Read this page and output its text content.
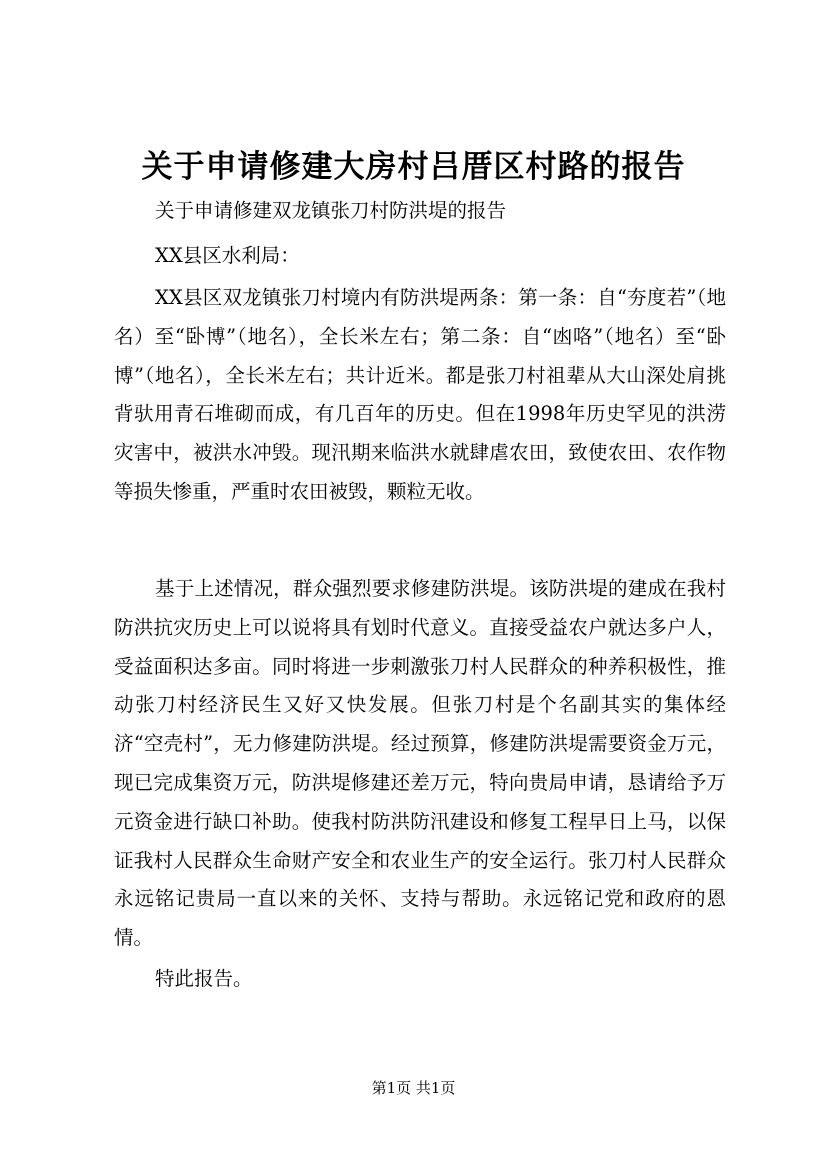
关于申请修建大房村吕厝区村路的报告

关于申请修建双龙镇张刀村防洪堤的报告

XX县区水利局：

XX县区双龙镇张刀村境内有防洪堤两条：第一条：自“夯度若”（地名）至“卧博”（地名），全长米左右；第二条：自“凼咯”（地名）至“卧博”（地名），全长米左右；共计近米。都是张刀村祖辈从大山深处肩挑背驮用青石堆砌而成，有几百年的历史。但在1998年历史罕见的洪涝灾害中，被洪水冲毁。现汛期来临洪水就肆虐农田，致使农田、农作物等损失惨重，严重时农田被毁，颗粒无收。

基于上述情况，群众强烈要求修建防洪堤。该防洪堤的建成在我村防洪抗灾历史上可以说将具有划时代意义。直接受益农户就达多户人，受益面积达多亩。同时将进一步刺激张刀村人民群众的种养积极性，推动张刀村经济民生又好又快发展。但张刀村是个名副其实的集体经济“空壳村”，无力修建防洪堤。经过预算，修建防洪堤需要资金万元，现已完成集资万元，防洪堤修建还差万元，特向贵局申请，恳请给予万元资金进行缺口补助。使我村防洪防汛建设和修复工程早日上马，以保证我村人民群众生命财产安全和农业生产的安全运行。张刀村人民群众永远铭记贵局一直以来的关怀、支持与帮助。永远铭记党和政府的恩情。

特此报告。

第1页 共1页
